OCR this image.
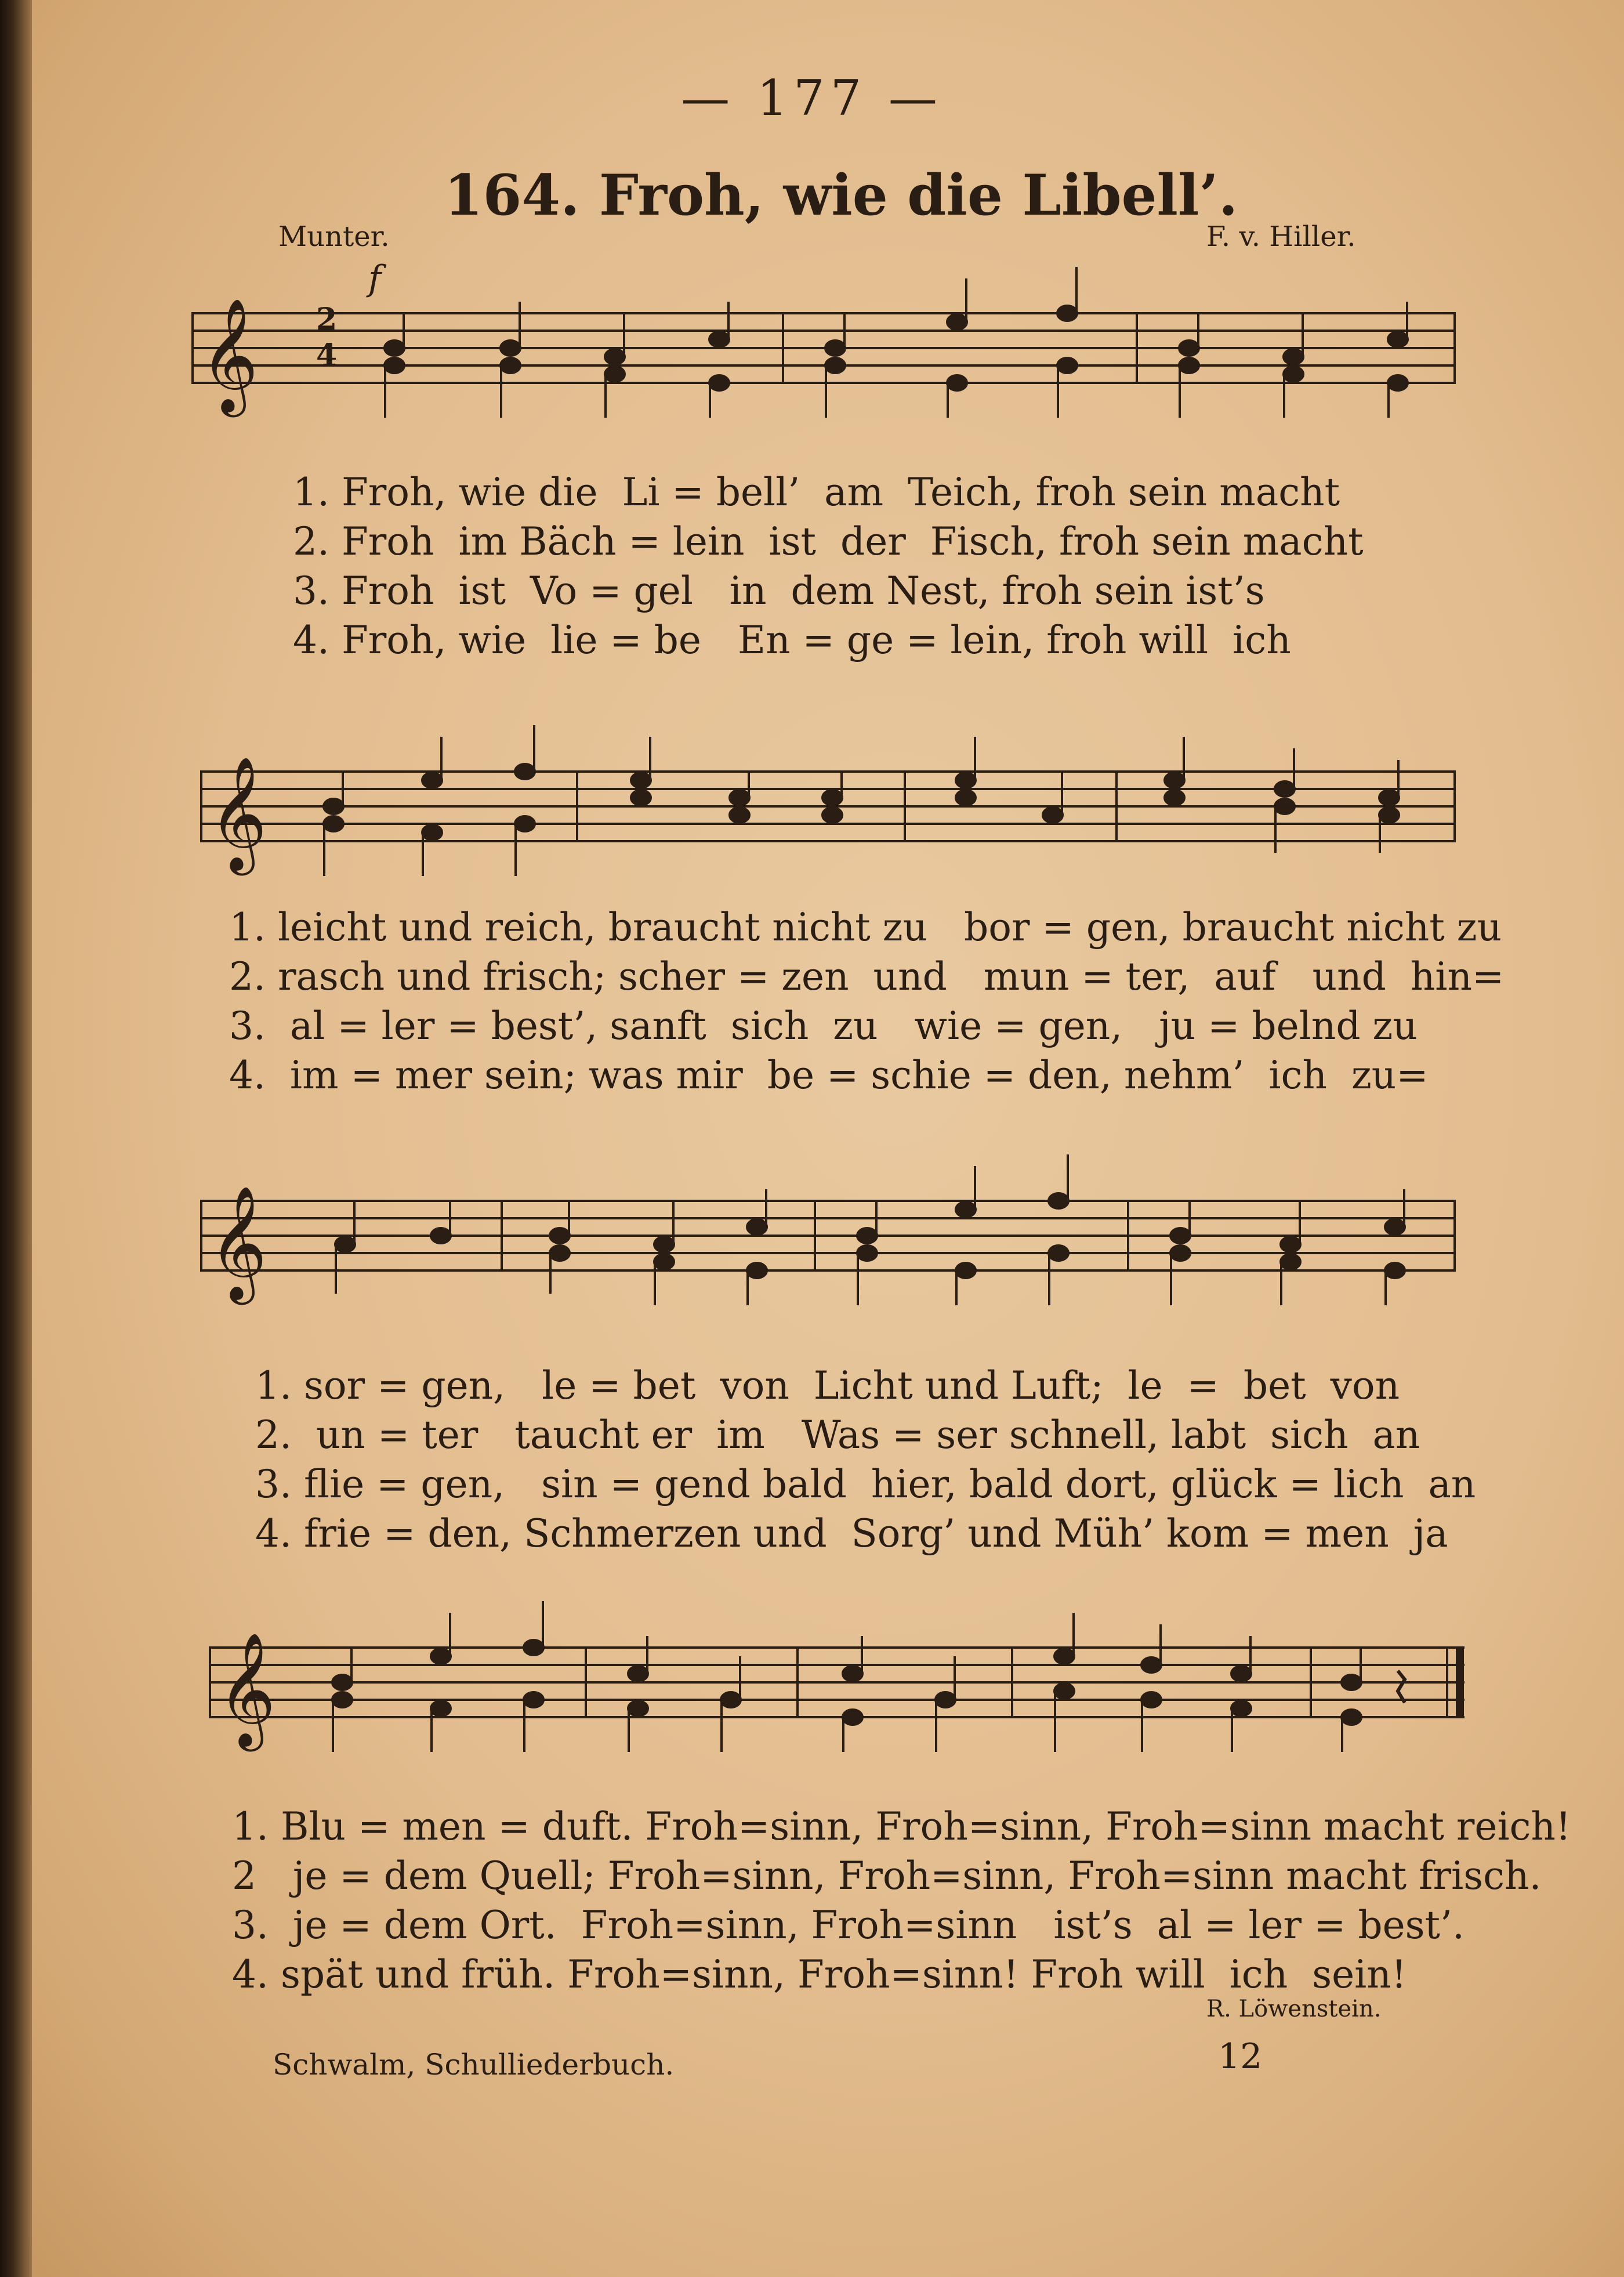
— 177 —
164. Froh, wie die Libell’.
Munter.	F. v. Hiller.
𝄞 2
4
f
1. Froh, wie die  Li = bell’  am  Teich, froh sein macht
2. Froh  im Bäch = lein  ist  der  Fisch, froh sein macht
3. Froh  ist  Vo = gel   in  dem Nest, froh sein ist’s
4. Froh, wie  lie = be   En = ge = lein, froh will  ich
𝄞
1. leicht und reich, braucht nicht zu   bor = gen, braucht nicht zu
2. rasch und frisch; scher = zen  und   mun = ter,  auf   und  hin=
3.  al = ler = best’, sanft  sich  zu   wie = gen,   ju = belnd zu
4.  im = mer sein; was mir  be = schie = den, nehm’  ich  zu=
𝄞
1. sor = gen,   le = bet  von  Licht und Luft;  le  =  bet  von
2.  un = ter   taucht er  im   Was = ser schnell, labt  sich  an
3. flie = gen,   sin = gend bald  hier, bald dort, glück = lich  an
4. frie = den, Schmerzen und  Sorg’ und Müh’ kom = men  ja
𝄞
1. Blu = men = duft. Froh=sinn, Froh=sinn, Froh=sinn macht reich!
2   je = dem Quell; Froh=sinn, Froh=sinn, Froh=sinn macht frisch.
3.  je = dem Ort.  Froh=sinn, Froh=sinn   ist’s  al = ler = best’.
4. spät und früh. Froh=sinn, Froh=sinn! Froh will  ich  sein!
R. Löwenstein.
Schwalm, Schulliederbuch.	12
